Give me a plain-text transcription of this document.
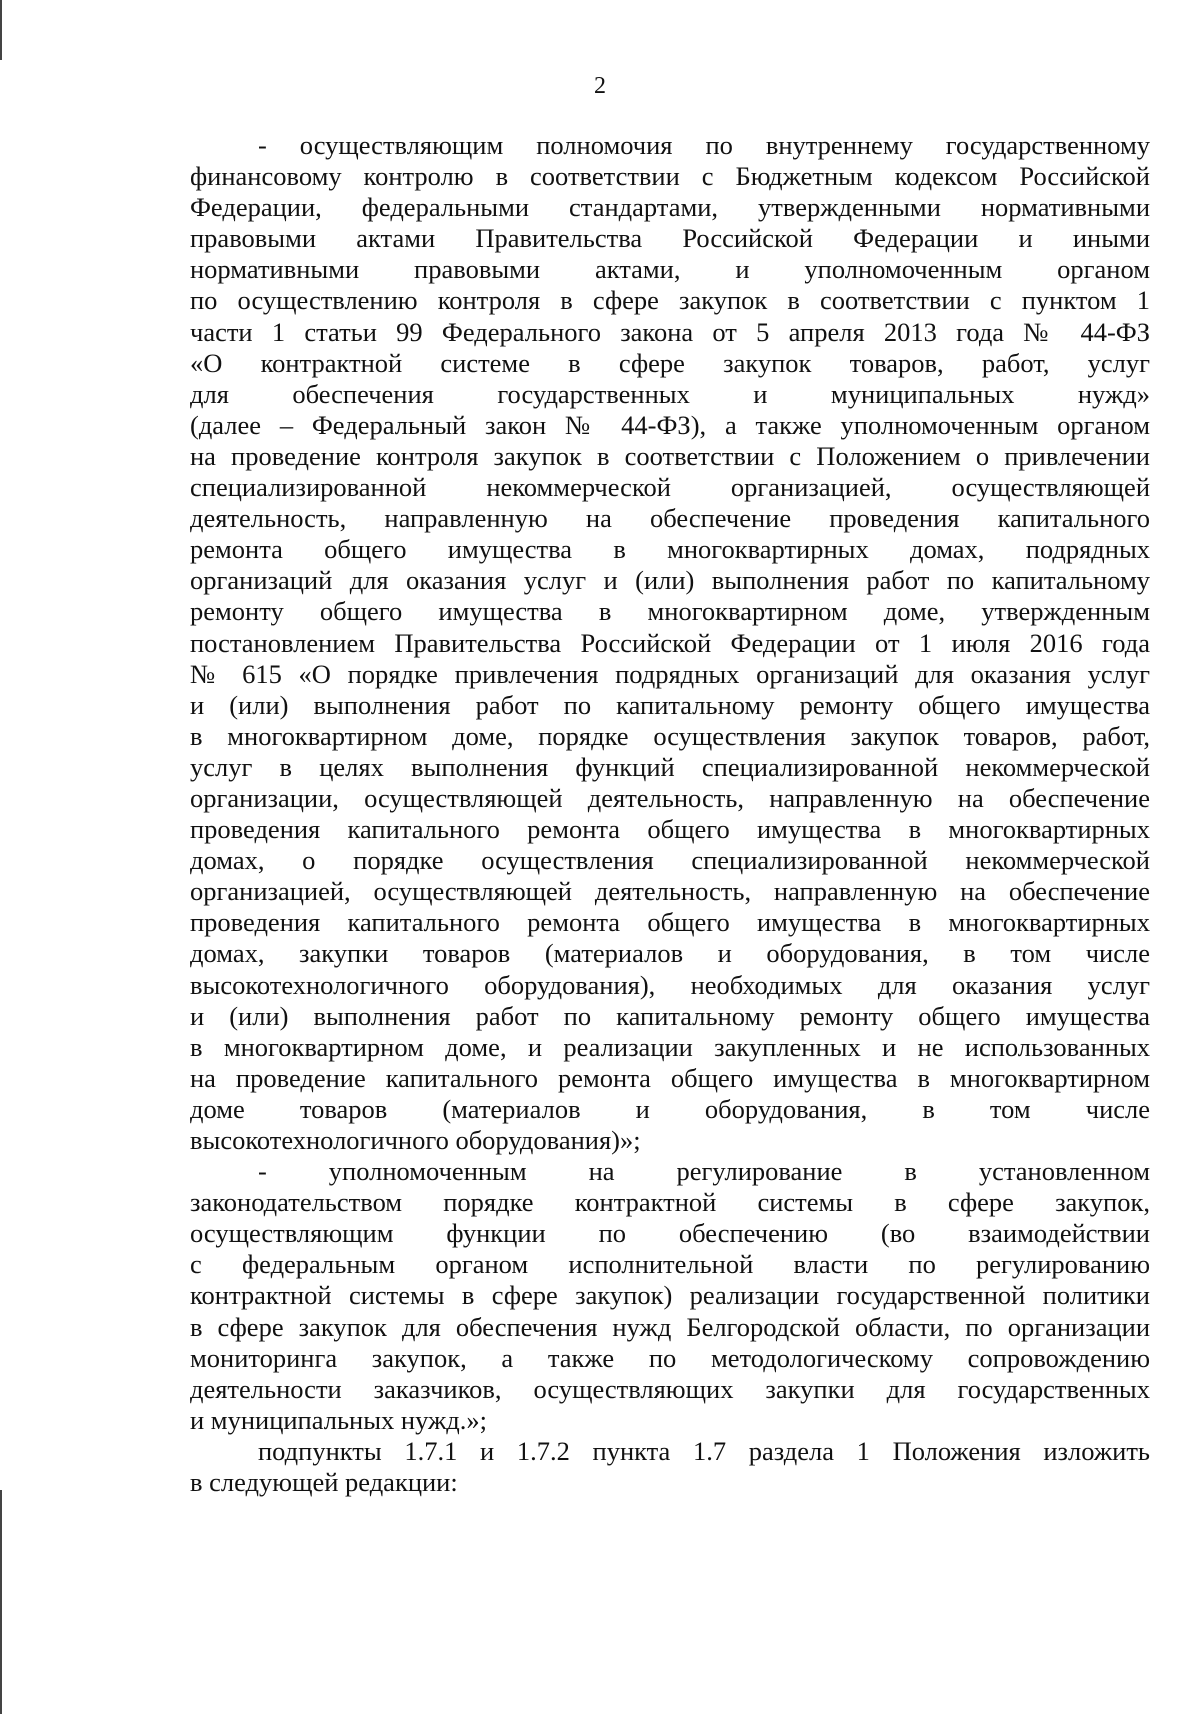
2

- осуществляющим полномочия по внутреннему государственному
финансовому контролю в соответствии с Бюджетным кодексом Российской
Федерации, федеральными стандартами, утвержденными нормативными
правовыми актами Правительства Российской Федерации и иными
нормативными правовыми актами, и уполномоченным органом
по осуществлению контроля в сфере закупок в соответствии с пунктом 1
части 1 статьи 99 Федерального закона от 5 апреля 2013 года № 44-ФЗ
«О контрактной системе в сфере закупок товаров, работ, услуг
для обеспечения государственных и муниципальных нужд»
(далее – Федеральный закон № 44-ФЗ), а также уполномоченным органом
на проведение контроля закупок в соответствии с Положением о привлечении
специализированной некоммерческой организацией, осуществляющей
деятельность, направленную на обеспечение проведения капитального
ремонта общего имущества в многоквартирных домах, подрядных
организаций для оказания услуг и (или) выполнения работ по капитальному
ремонту общего имущества в многоквартирном доме, утвержденным
постановлением Правительства Российской Федерации от 1 июля 2016 года
№ 615 «О порядке привлечения подрядных организаций для оказания услуг
и (или) выполнения работ по капитальному ремонту общего имущества
в многоквартирном доме, порядке осуществления закупок товаров, работ,
услуг в целях выполнения функций специализированной некоммерческой
организации, осуществляющей деятельность, направленную на обеспечение
проведения капитального ремонта общего имущества в многоквартирных
домах, о порядке осуществления специализированной некоммерческой
организацией, осуществляющей деятельность, направленную на обеспечение
проведения капитального ремонта общего имущества в многоквартирных
домах, закупки товаров (материалов и оборудования, в том числе
высокотехнологичного оборудования), необходимых для оказания услуг
и (или) выполнения работ по капитальному ремонту общего имущества
в многоквартирном доме, и реализации закупленных и не использованных
на проведение капитального ремонта общего имущества в многоквартирном
доме товаров (материалов и оборудования, в том числе
высокотехнологичного оборудования)»;

- уполномоченным на регулирование в установленном
законодательством порядке контрактной системы в сфере закупок,
осуществляющим функции по обеспечению (во взаимодействии
с федеральным органом исполнительной власти по регулированию
контрактной системы в сфере закупок) реализации государственной политики
в сфере закупок для обеспечения нужд Белгородской области, по организации
мониторинга закупок, а также по методологическому сопровождению
деятельности заказчиков, осуществляющих закупки для государственных
и муниципальных нужд.»;

подпункты 1.7.1 и 1.7.2 пункта 1.7 раздела 1 Положения изложить
в следующей редакции:
